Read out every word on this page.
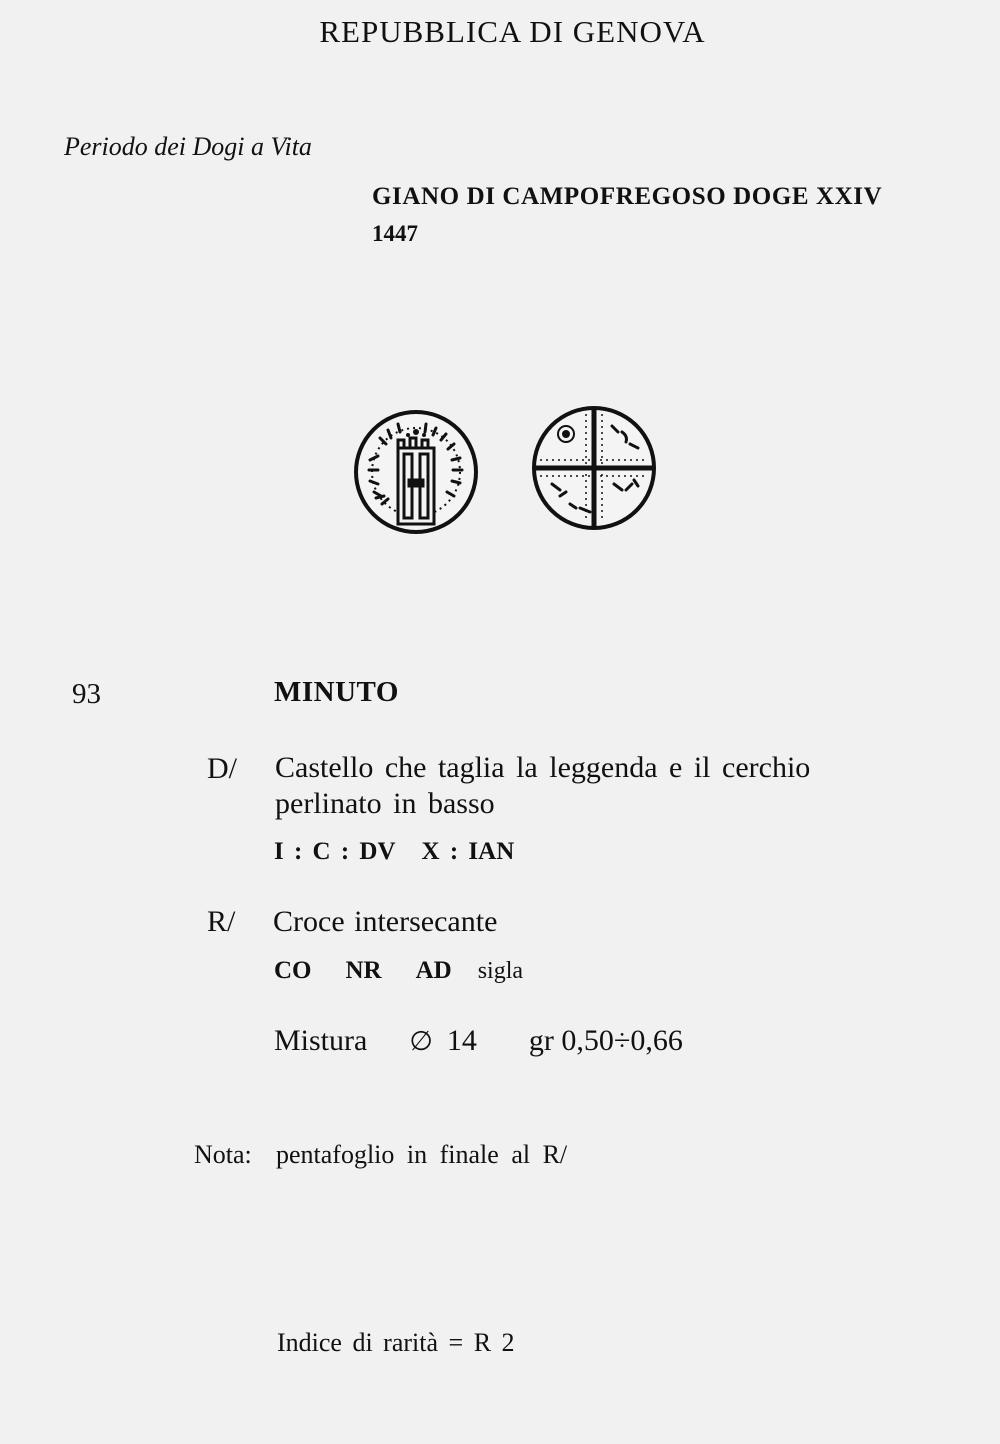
REPUBBLICA DI GENOVA
Periodo dei Dogi a Vita
GIANO DI CAMPOFREGOSO DOGE XXIV
1447
93	MINUTO
D/ Castello che taglia la leggenda e il cerchio
perlinato in basso
I : C : DV X : IAN
R/ Croce intersecante
CO NR AD sigla
Mistura ∅ 14 gr 0,50÷0,66
Nota: pentafoglio in finale al R/
Indice di rarità = R 2
